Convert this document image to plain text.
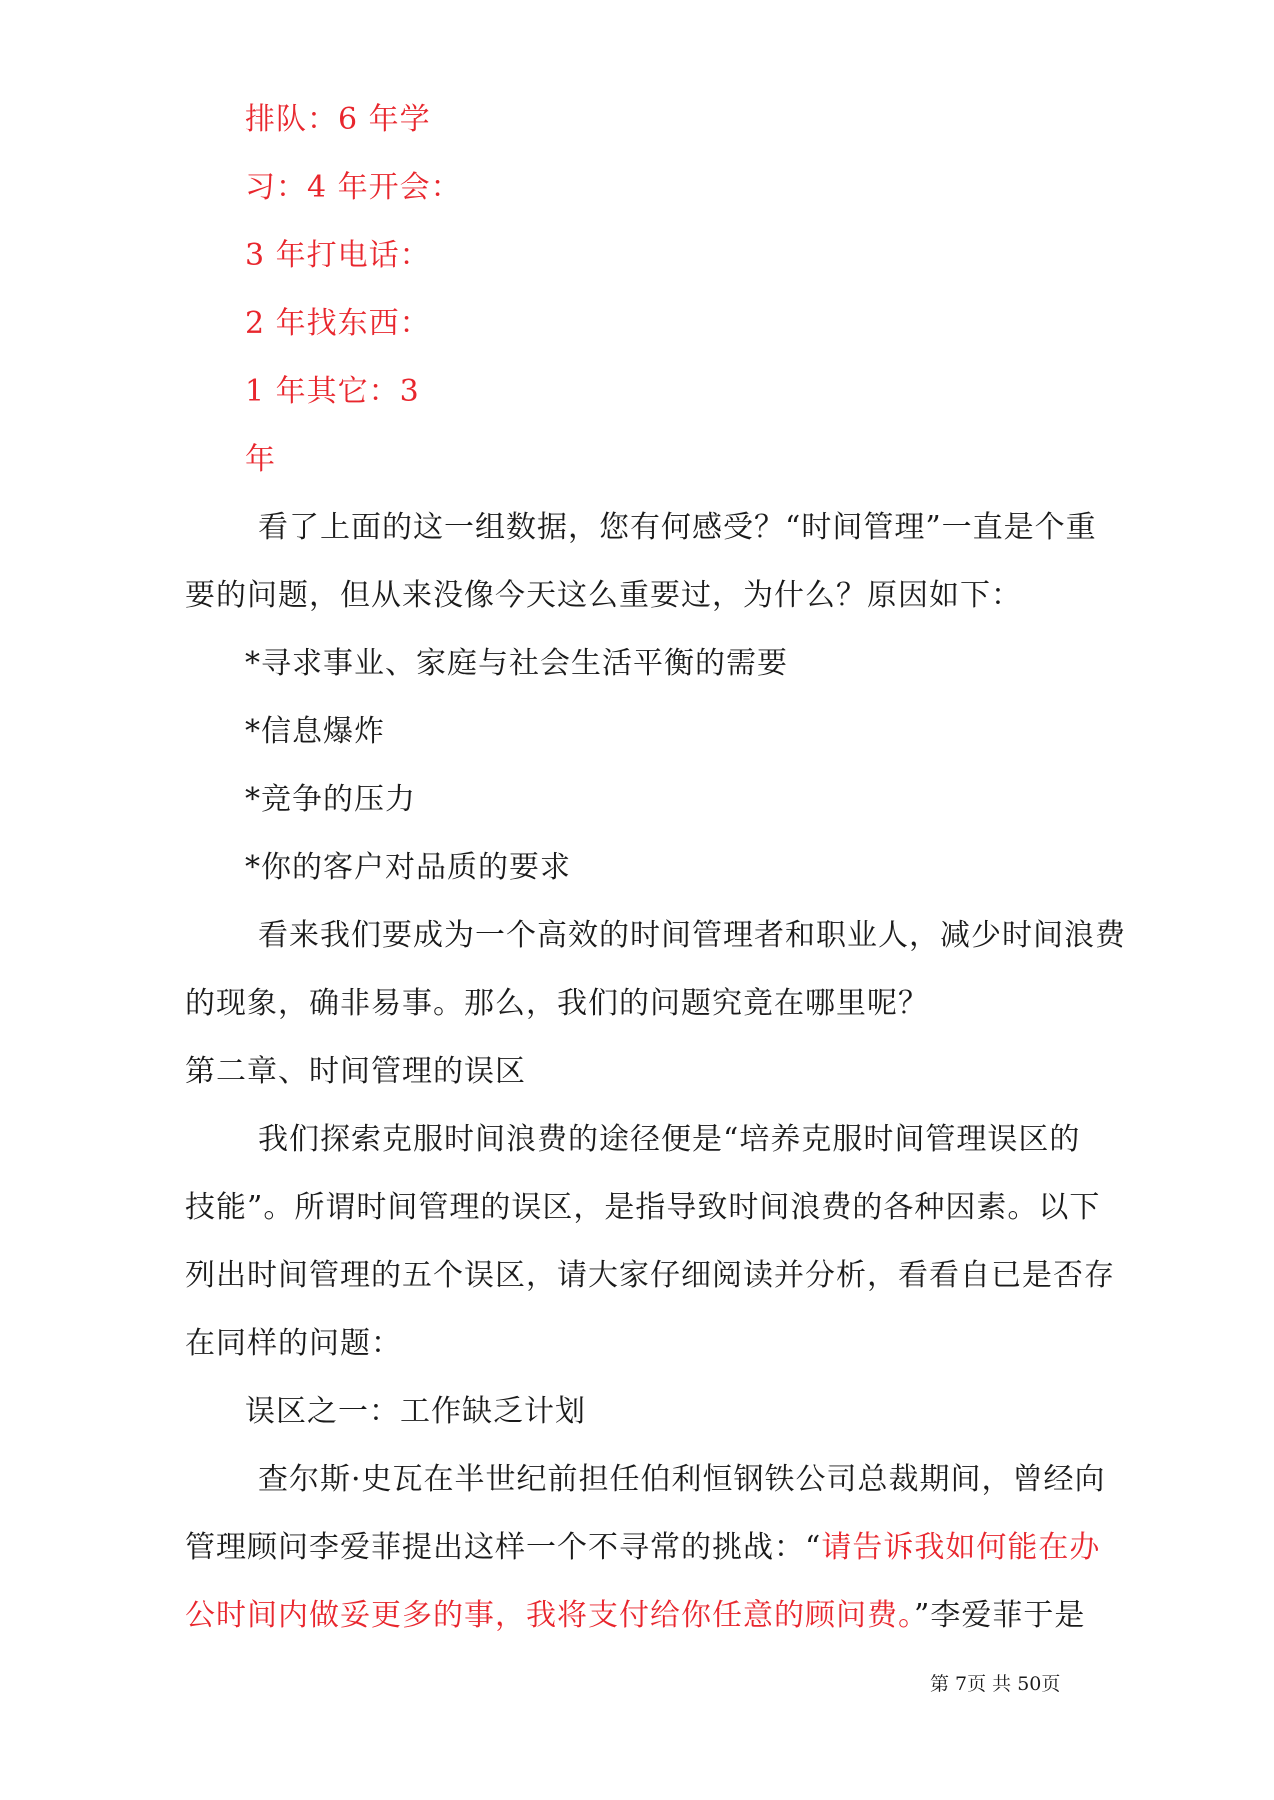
排队：6 年学
习：4 年开会：
3 年打电话：
2 年找东西：
1 年其它：3
年
看了上面的这一组数据，您有何感受？“时间管理”一直是个重
要的问题，但从来没像今天这么重要过，为什么？原因如下：
*寻求事业、家庭与社会生活平衡的需要
*信息爆炸
*竞争的压力
*你的客户对品质的要求
看来我们要成为一个高效的时间管理者和职业人，减少时间浪费
的现象，确非易事。那么，我们的问题究竟在哪里呢？
第二章、时间管理的误区
我们探索克服时间浪费的途径便是“培养克服时间管理误区的
技能”。所谓时间管理的误区，是指导致时间浪费的各种因素。以下
列出时间管理的五个误区，请大家仔细阅读并分析，看看自已是否存
在同样的问题：
误区之一：工作缺乏计划
查尔斯·史瓦在半世纪前担任伯利恒钢铁公司总裁期间，曾经向
管理顾问李爱菲提出这样一个不寻常的挑战：“请告诉我如何能在办
公时间内做妥更多的事，我将支付给你任意的顾问费。”李爱菲于是
第 7页 共 50页
